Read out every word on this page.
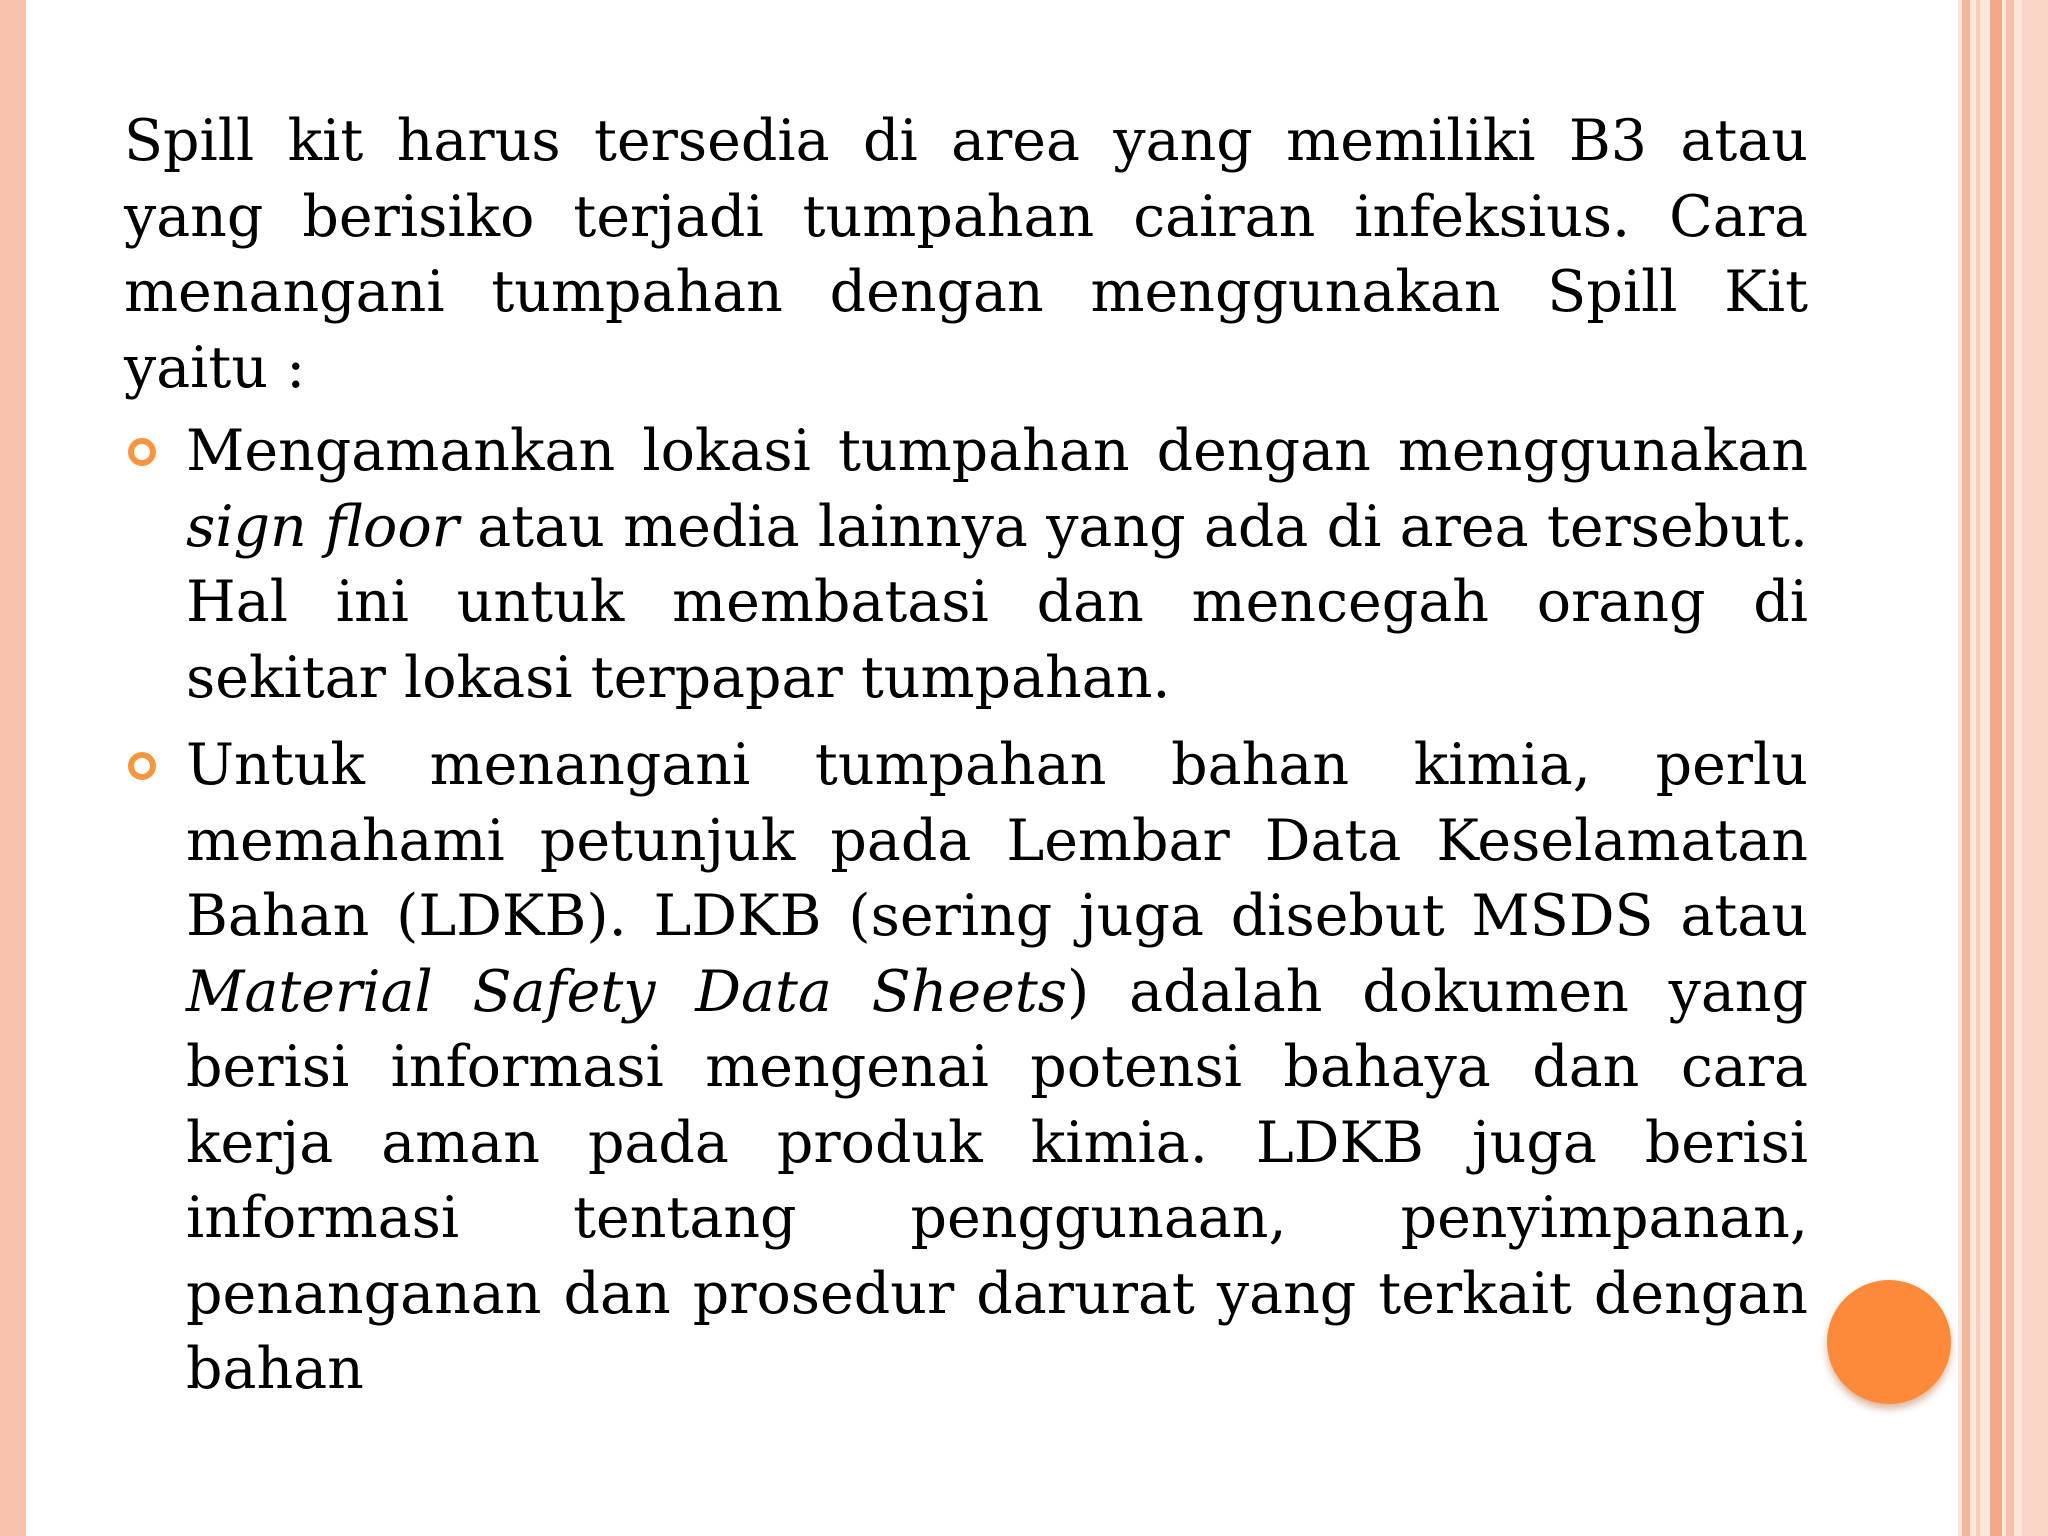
Spill kit harus tersedia di area yang memiliki B3 atau yang berisiko terjadi tumpahan cairan infeksius. Cara menangani tumpahan dengan menggunakan Spill Kit yaitu :

Mengamankan lokasi tumpahan dengan menggunakan sign floor atau media lainnya yang ada di area tersebut. Hal ini untuk membatasi dan mencegah orang di sekitar lokasi terpapar tumpahan.
Untuk menangani tumpahan bahan kimia, perlu memahami petunjuk pada Lembar Data Keselamatan Bahan (LDKB). LDKB (sering juga disebut MSDS atau Material Safety Data Sheets) adalah dokumen yang berisi informasi mengenai potensi bahaya dan cara kerja aman pada produk kimia. LDKB juga berisi informasi tentang penggunaan, penyimpanan, penanganan dan prosedur darurat yang terkait dengan bahan
